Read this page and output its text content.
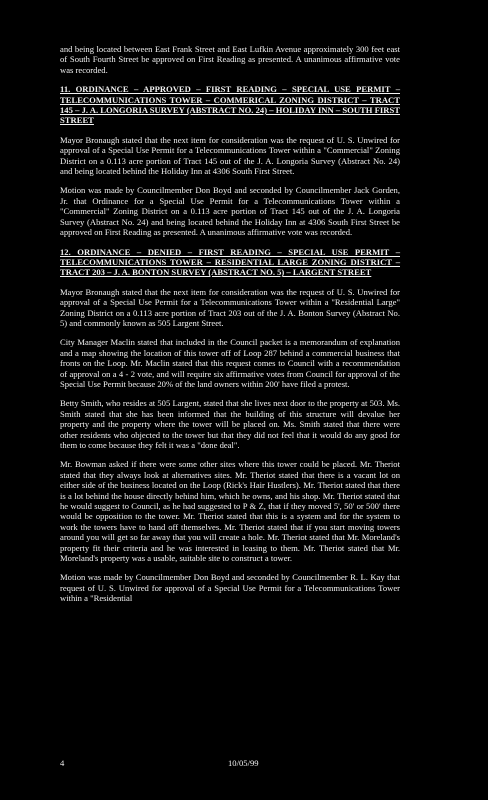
and being located between East Frank Street and East Lufkin Avenue approximately 300 feet east of South Fourth Street be approved on First Reading as presented. A unanimous affirmative vote was recorded.

11. ORDINANCE – APPROVED – FIRST READING – SPECIAL USE PERMIT – TELECOMMUNICATIONS TOWER – COMMERICAL ZONING DISTRICT – TRACT 145 – J. A. LONGORIA SURVEY (ABSTRACT NO. 24) – HOLIDAY INN – SOUTH FIRST STREET

Mayor Bronaugh stated that the next item for consideration was the request of U. S. Unwired for approval of a Special Use Permit for a Telecommunications Tower within a "Commercial" Zoning District on a 0.113 acre portion of Tract 145 out of the J. A. Longoria Survey (Abstract No. 24) and being located behind the Holiday Inn at 4306 South First Street.

Motion was made by Councilmember Don Boyd and seconded by Councilmember Jack Gorden, Jr. that Ordinance for a Special Use Permit for a Telecommunications Tower within a "Commercial" Zoning District on a 0.113 acre portion of Tract 145 out of the J. A. Longoria Survey (Abstract No. 24) and being located behind the Holiday Inn at 4306 South First Street be approved on First Reading as presented. A unanimous affirmative vote was recorded.

12. ORDINANCE – DENIED – FIRST READING – SPECIAL USE PERMIT – TELECOMMUNICATIONS TOWER – RESIDENTIAL LARGE ZONING DISTRICT – TRACT 203 – J. A. BONTON SURVEY (ABSTRACT NO. 5) – LARGENT STREET

Mayor Bronaugh stated that the next item for consideration was the request of U. S. Unwired for approval of a Special Use Permit for a Telecommunications Tower within a "Residential Large" Zoning District on a 0.113 acre portion of Tract 203 out of the J. A. Bonton Survey (Abstract No. 5) and commonly known as 505 Largent Street.

City Manager Maclin stated that included in the Council packet is a memorandum of explanation and a map showing the location of this tower off of Loop 287 behind a commercial business that fronts on the Loop. Mr. Maclin stated that this request comes to Council with a recommendation of approval on a 4 - 2 vote, and will require six affirmative votes from Council for approval of the Special Use Permit because 20% of the land owners within 200' have filed a protest.

Betty Smith, who resides at 505 Largent, stated that she lives next door to the property at 503. Ms. Smith stated that she has been informed that the building of this structure will devalue her property and the property where the tower will be placed on. Ms. Smith stated that there were other residents who objected to the tower but that they did not feel that it would do any good for them to come because they felt it was a "done deal".

Mr. Bowman asked if there were some other sites where this tower could be placed. Mr. Theriot stated that they always look at alternatives sites. Mr. Theriot stated that there is a vacant lot on either side of the business located on the Loop (Rick's Hair Hustlers). Mr. Theriot stated that there is a lot behind the house directly behind him, which he owns, and his shop. Mr. Theriot stated that he would suggest to Council, as he had suggested to P & Z, that if they moved 5', 50' or 500' there would be opposition to the tower. Mr. Theriot stated that this is a system and for the system to work the towers have to hand off themselves. Mr. Theriot stated that if you start moving towers around you will get so far away that you will create a hole. Mr. Theriot stated that Mr. Moreland's property fit their criteria and he was interested in leasing to them. Mr. Theriot stated that Mr. Moreland's property was a usable, suitable site to construct a tower.

Motion was made by Councilmember Don Boyd and seconded by Councilmember R. L. Kay that request of U. S. Unwired for approval of a Special Use Permit for a Telecommunications Tower within a "Residential

4	10/05/99
